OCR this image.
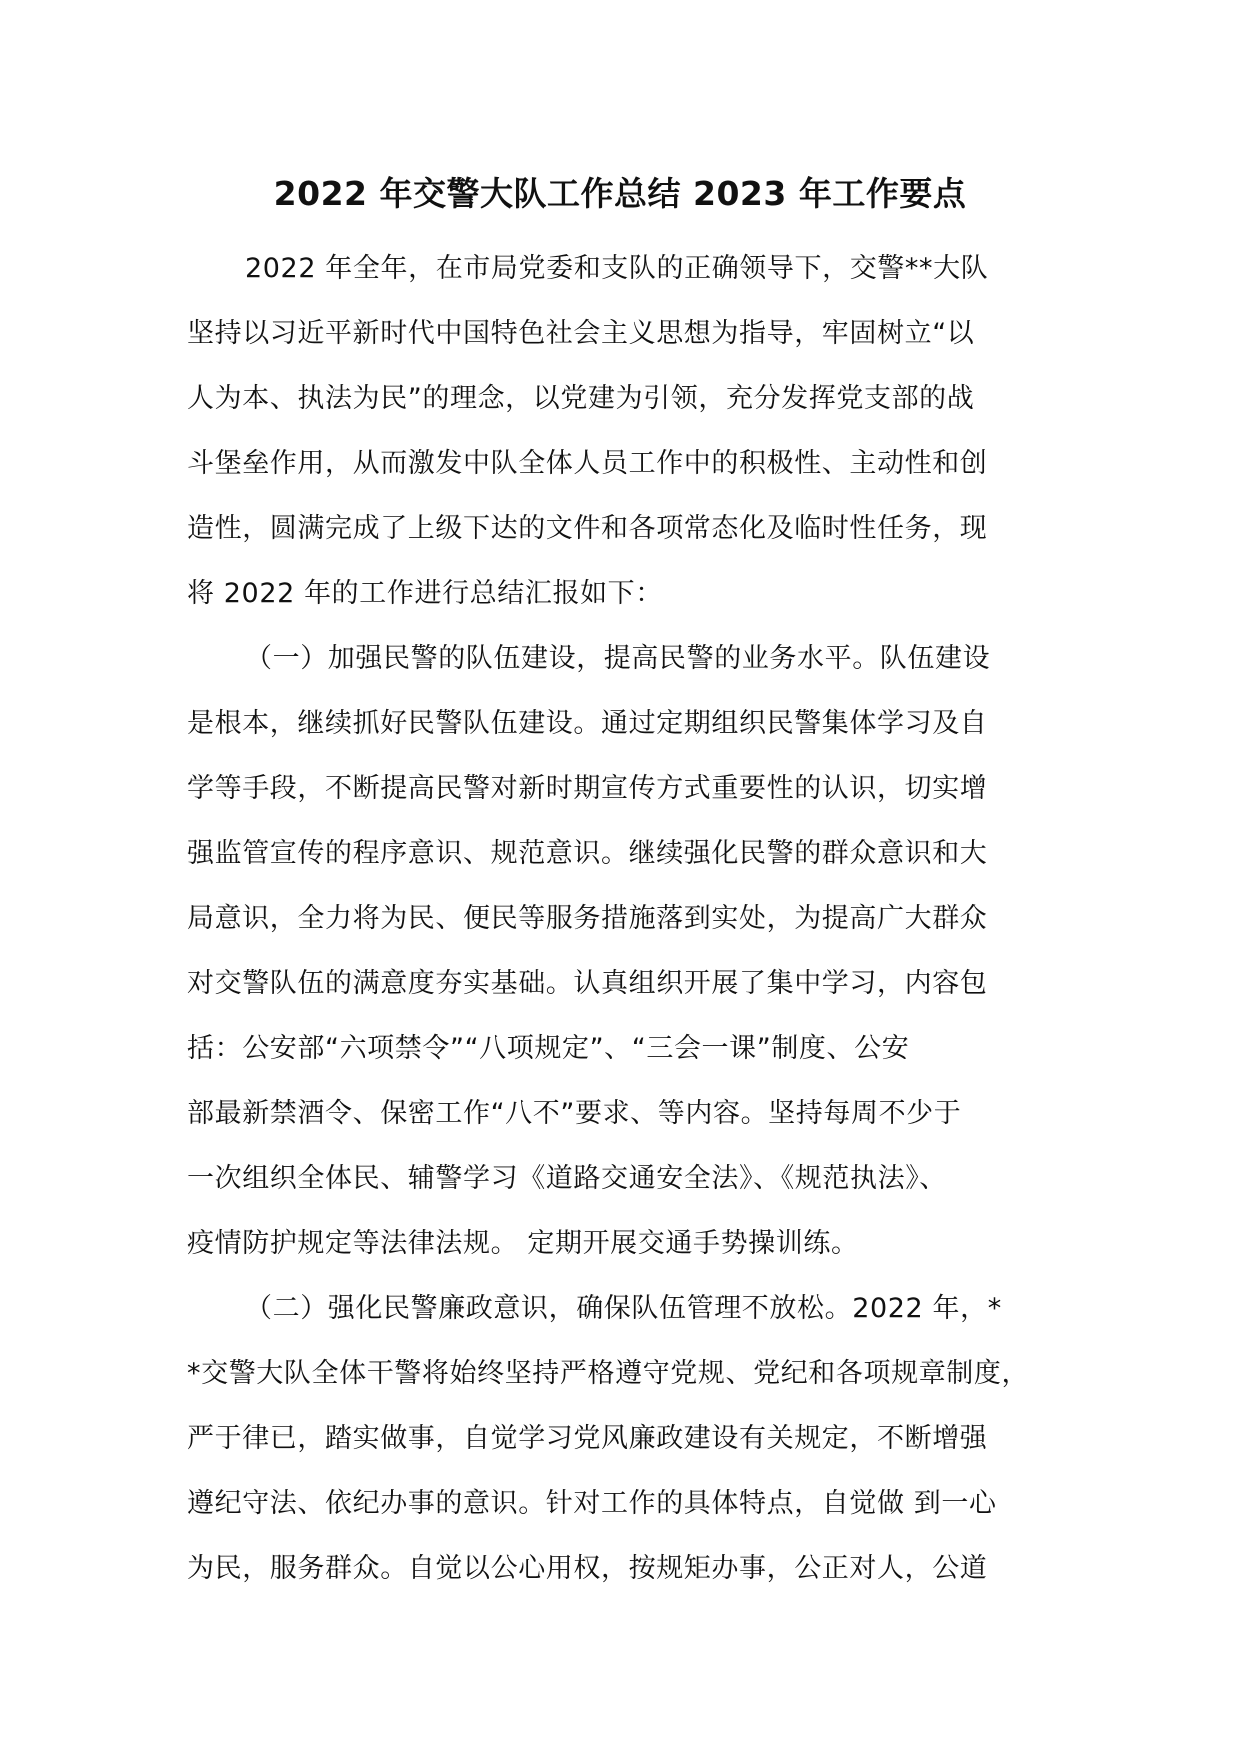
2022 年交警大队工作总结 2023 年工作要点
2022 年全年，在市局党委和支队的正确领导下，交警**大队
坚持以习近平新时代中国特色社会主义思想为指导，牢固树立“以
人为本、执法为民”的理念，以党建为引领，充分发挥党支部的战
斗堡垒作用，从而激发中队全体人员工作中的积极性、主动性和创
造性，圆满完成了上级下达的文件和各项常态化及临时性任务，现
将 2022 年的工作进行总结汇报如下：
（一）加强民警的队伍建设，提高民警的业务水平。队伍建设
是根本，继续抓好民警队伍建设。通过定期组织民警集体学习及自
学等手段，不断提高民警对新时期宣传方式重要性的认识，切实增
强监管宣传的程序意识、规范意识。继续强化民警的群众意识和大
局意识，全力将为民、便民等服务措施落到实处，为提高广大群众
对交警队伍的满意度夯实基础。认真组织开展了集中学习，内容包
括：公安部“六项禁令”“八项规定”、“三会一课”制度、公安
部最新禁酒令、保密工作“八不”要求、等内容。坚持每周不少于
一次组织全体民、辅警学习《道路交通安全法》、《规范执法》、
疫情防护规定等法律法规。 定期开展交通手势操训练。
（二）强化民警廉政意识，确保队伍管理不放松。2022 年，*
*交警大队全体干警将始终坚持严格遵守党规、党纪和各项规章制度，
严于律已，踏实做事，自觉学习党风廉政建设有关规定，不断增强
遵纪守法、依纪办事的意识。针对工作的具体特点，自觉做 到一心
为民，服务群众。自觉以公心用权，按规矩办事，公正对人，公道
